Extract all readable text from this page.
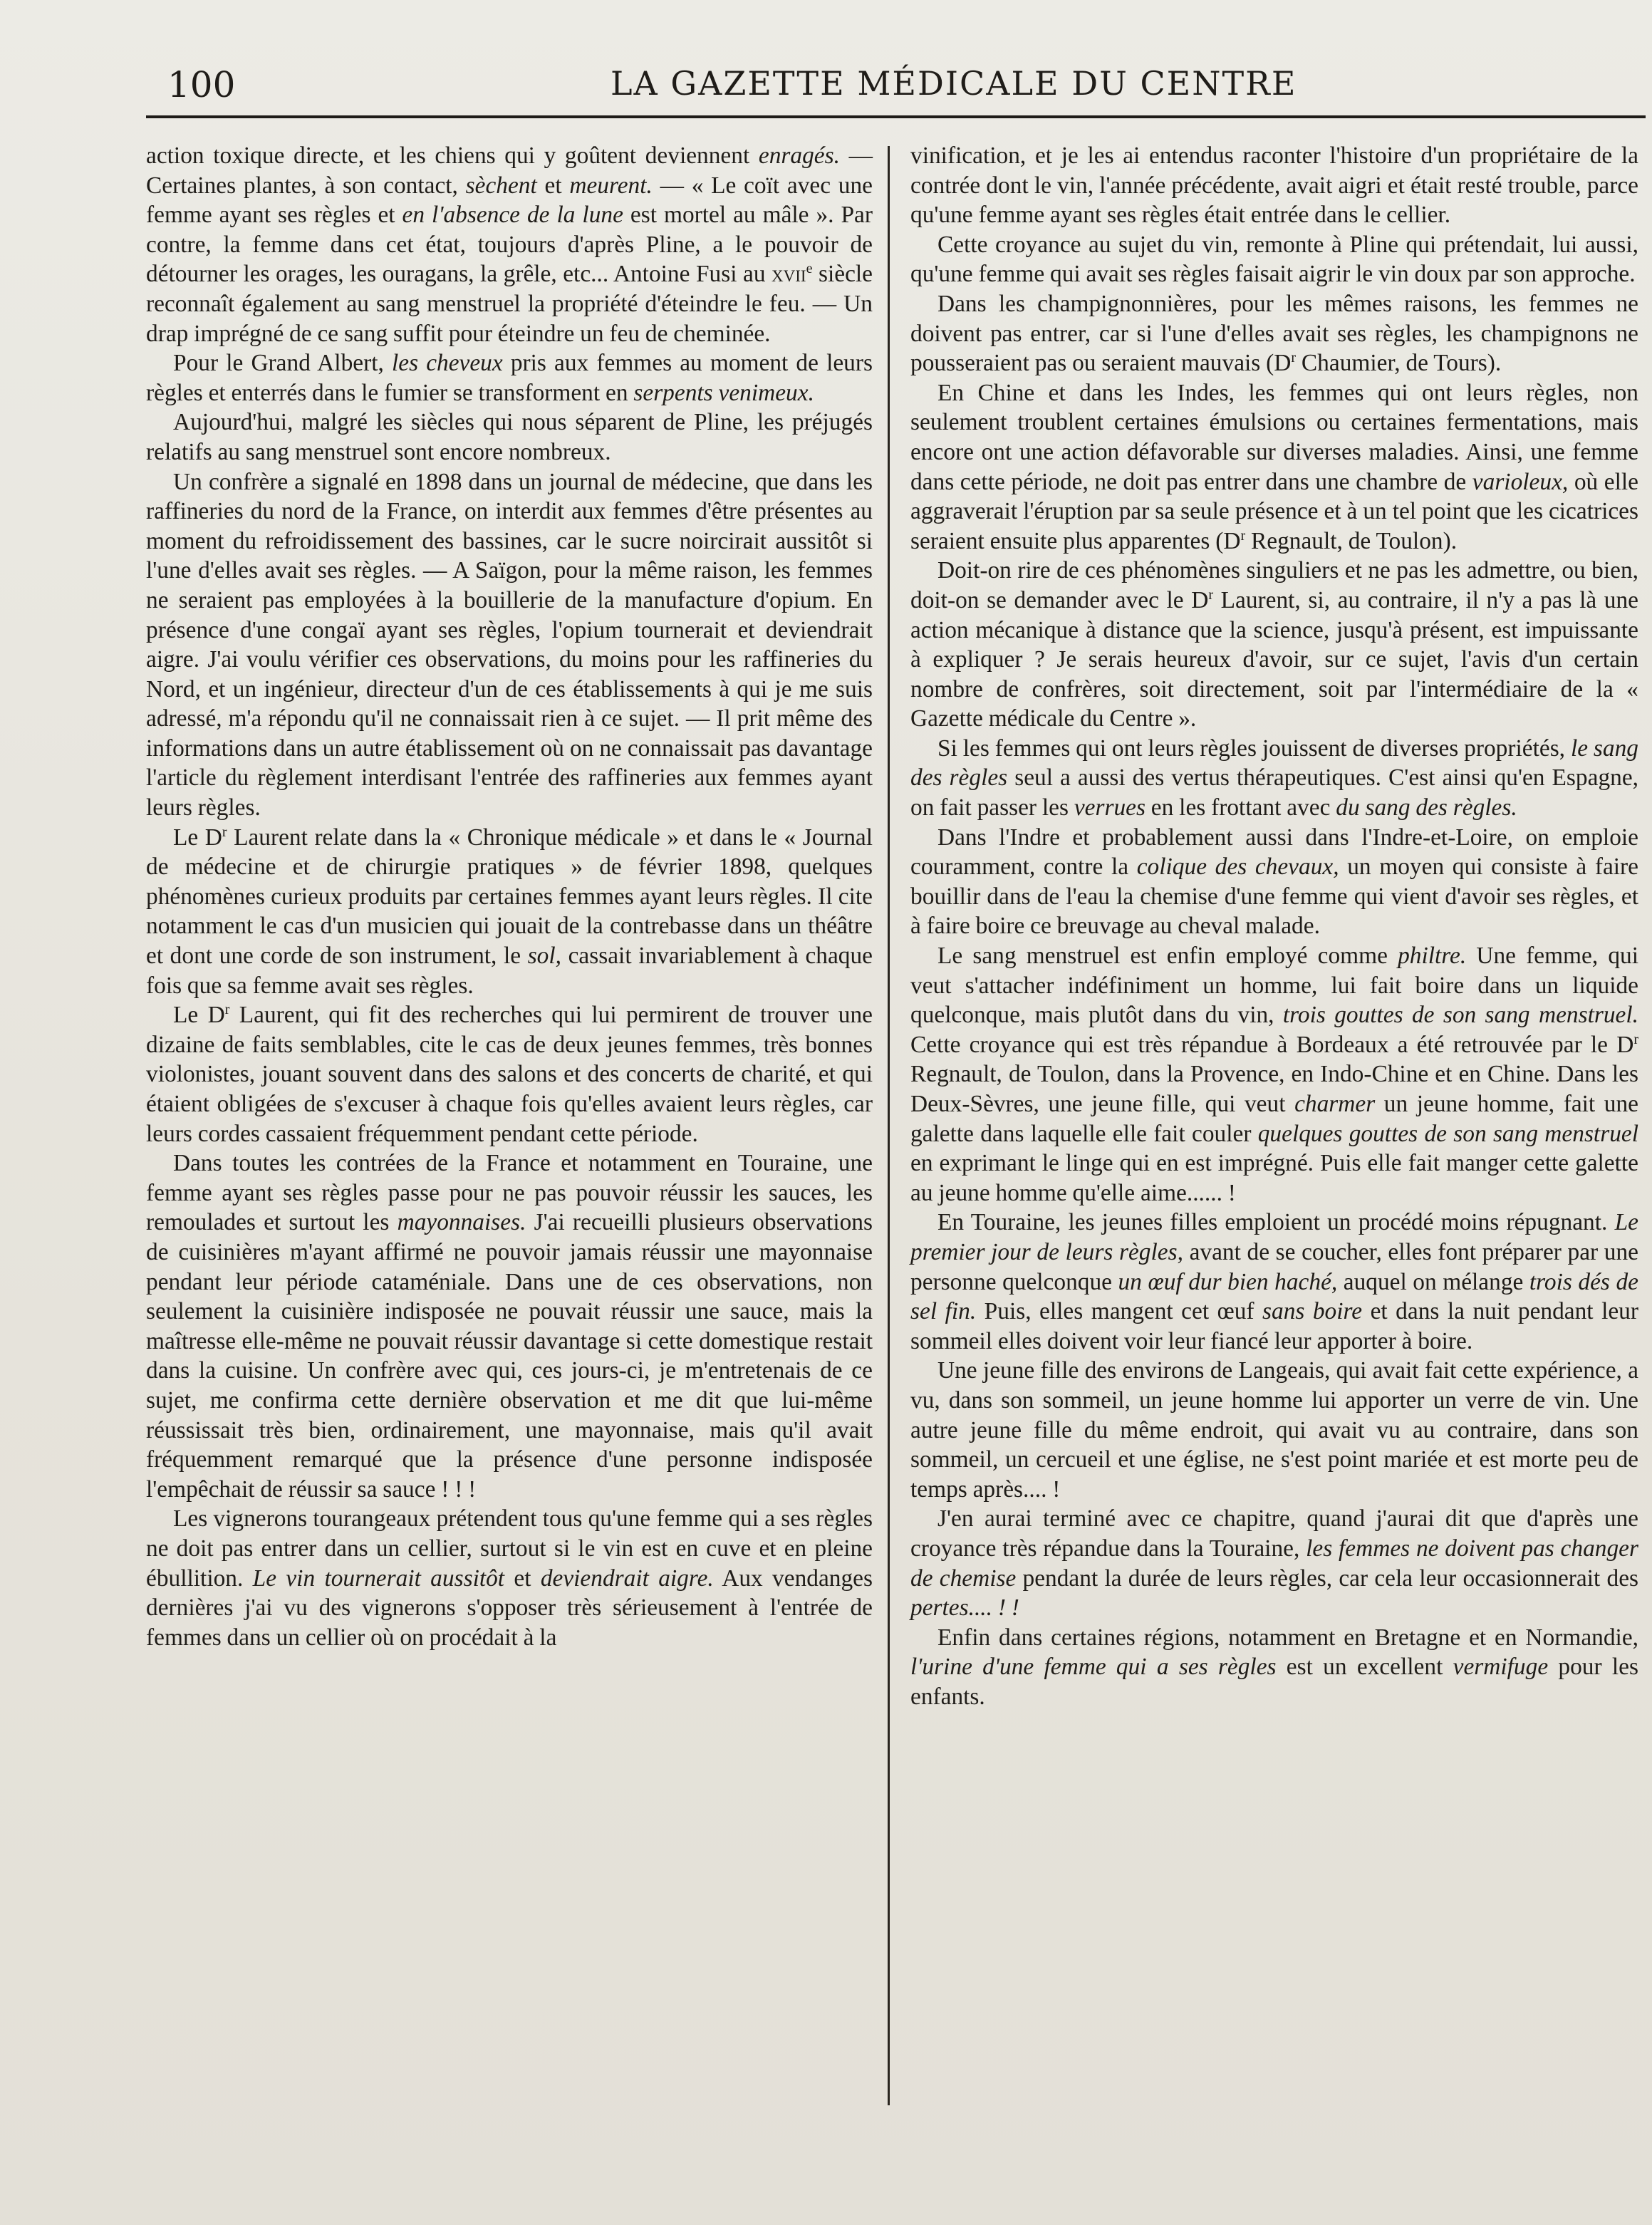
100	LA GAZETTE MÉDICALE DU CENTRE

action toxique directe, et les chiens qui y goûtent deviennent enragés. — Certaines plantes, à son contact, sèchent et meurent. — « Le coït avec une femme ayant ses règles et en l'absence de la lune est mortel au mâle ». Par contre, la femme dans cet état, toujours d'après Pline, a le pouvoir de détourner les orages, les ouragans, la grêle, etc... Antoine Fusi au xvii$^e$ siècle reconnaît également au sang menstruel la propriété d'éteindre le feu. — Un drap imprégné de ce sang suffit pour éteindre un feu de cheminée.

Pour le Grand Albert, les cheveux pris aux femmes au moment de leurs règles et enterrés dans le fumier se transforment en serpents venimeux.

Aujourd'hui, malgré les siècles qui nous séparent de Pline, les préjugés relatifs au sang menstruel sont encore nombreux.

Un confrère a signalé en 1898 dans un journal de médecine, que dans les raffineries du nord de la France, on interdit aux femmes d'être présentes au moment du refroidissement des bassines, car le sucre noircirait aussitôt si l'une d'elles avait ses règles. — A Saïgon, pour la même raison, les femmes ne seraient pas employées à la bouillerie de la manufacture d'opium. En présence d'une congaï ayant ses règles, l'opium tournerait et deviendrait aigre. J'ai voulu vérifier ces observations, du moins pour les raffineries du Nord, et un ingénieur, directeur d'un de ces établissements à qui je me suis adressé, m'a répondu qu'il ne connaissait rien à ce sujet. — Il prit même des informations dans un autre établissement où on ne connaissait pas davantage l'article du règlement interdisant l'entrée des raffineries aux femmes ayant leurs règles.

Le $D^r$ Laurent relate dans la « Chronique médicale » et dans le « Journal de médecine et de chirurgie pratiques » de février 1898, quelques phénomènes curieux produits par certaines femmes ayant leurs règles. Il cite notamment le cas d'un musicien qui jouait de la contrebasse dans un théâtre et dont une corde de son instrument, le sol, cassait invariablement à chaque fois que sa femme avait ses règles.

Le $D^r$ Laurent, qui fit des recherches qui lui permirent de trouver une dizaine de faits semblables, cite le cas de deux jeunes femmes, très bonnes violonistes, jouant souvent dans des salons et des concerts de charité, et qui étaient obligées de s'excuser à chaque fois qu'elles avaient leurs règles, car leurs cordes cassaient fréquemment pendant cette période.

Dans toutes les contrées de la France et notamment en Touraine, une femme ayant ses règles passe pour ne pas pouvoir réussir les sauces, les remoulades et surtout les mayonnaises. J'ai recueilli plusieurs observations de cuisinières m'ayant affirmé ne pouvoir jamais réussir une mayonnaise pendant leur période cataméniale. Dans une de ces observations, non seulement la cuisinière indisposée ne pouvait réussir une sauce, mais la maîtresse elle-même ne pouvait réussir davantage si cette domestique restait dans la cuisine. Un confrère avec qui, ces jours-ci, je m'entretenais de ce sujet, me confirma cette dernière observation et me dit que lui-même réussissait très bien, ordinairement, une mayonnaise, mais qu'il avait fréquemment remarqué que la présence d'une personne indisposée l'empêchait de réussir sa sauce ! ! !

Les vignerons tourangeaux prétendent tous qu'une femme qui a ses règles ne doit pas entrer dans un cellier, surtout si le vin est en cuve et en pleine ébullition. Le vin tournerait aussitôt et deviendrait aigre. Aux vendanges dernières j'ai vu des vignerons s'opposer très sérieusement à l'entrée de femmes dans un cellier où on procédait à la

vinification, et je les ai entendus raconter l'histoire d'un propriétaire de la contrée dont le vin, l'année précédente, avait aigri et était resté trouble, parce qu'une femme ayant ses règles était entrée dans le cellier.

Cette croyance au sujet du vin, remonte à Pline qui prétendait, lui aussi, qu'une femme qui avait ses règles faisait aigrir le vin doux par son approche.

Dans les champignonnières, pour les mêmes raisons, les femmes ne doivent pas entrer, car si l'une d'elles avait ses règles, les champignons ne pousseraient pas ou seraient mauvais ($D^r$ Chaumier, de Tours).

En Chine et dans les Indes, les femmes qui ont leurs règles, non seulement troublent certaines émulsions ou certaines fermentations, mais encore ont une action défavorable sur diverses maladies. Ainsi, une femme dans cette période, ne doit pas entrer dans une chambre de varioleux, où elle aggraverait l'éruption par sa seule présence et à un tel point que les cicatrices seraient ensuite plus apparentes ($D^r$ Regnault, de Toulon).

Doit-on rire de ces phénomènes singuliers et ne pas les admettre, ou bien, doit-on se demander avec le $D^r$ Laurent, si, au contraire, il n'y a pas là une action mécanique à distance que la science, jusqu'à présent, est impuissante à expliquer ? Je serais heureux d'avoir, sur ce sujet, l'avis d'un certain nombre de confrères, soit directement, soit par l'intermédiaire de la « Gazette médicale du Centre ».

Si les femmes qui ont leurs règles jouissent de diverses propriétés, le sang des règles seul a aussi des vertus thérapeutiques. C'est ainsi qu'en Espagne, on fait passer les verrues en les frottant avec du sang des règles.

Dans l'Indre et probablement aussi dans l'Indre-et-Loire, on emploie couramment, contre la colique des chevaux, un moyen qui consiste à faire bouillir dans de l'eau la chemise d'une femme qui vient d'avoir ses règles, et à faire boire ce breuvage au cheval malade.

Le sang menstruel est enfin employé comme philtre. Une femme, qui veut s'attacher indéfiniment un homme, lui fait boire dans un liquide quelconque, mais plutôt dans du vin, trois gouttes de son sang menstruel. Cette croyance qui est très répandue à Bordeaux a été retrouvée par le $D^r$ Regnault, de Toulon, dans la Provence, en Indo-Chine et en Chine. Dans les Deux-Sèvres, une jeune fille, qui veut charmer un jeune homme, fait une galette dans laquelle elle fait couler quelques gouttes de son sang menstruel en exprimant le linge qui en est imprégné. Puis elle fait manger cette galette au jeune homme qu'elle aime...... !

En Touraine, les jeunes filles emploient un procédé moins répugnant. Le premier jour de leurs règles, avant de se coucher, elles font préparer par une personne quelconque un œuf dur bien haché, auquel on mélange trois dés de sel fin. Puis, elles mangent cet œuf sans boire et dans la nuit pendant leur sommeil elles doivent voir leur fiancé leur apporter à boire.

Une jeune fille des environs de Langeais, qui avait fait cette expérience, a vu, dans son sommeil, un jeune homme lui apporter un verre de vin. Une autre jeune fille du même endroit, qui avait vu au contraire, dans son sommeil, un cercueil et une église, ne s'est point mariée et est morte peu de temps après.... !

J'en aurai terminé avec ce chapitre, quand j'aurai dit que d'après une croyance très répandue dans la Touraine, les femmes ne doivent pas changer de chemise pendant la durée de leurs règles, car cela leur occasionnerait des pertes.... ! !

Enfin dans certaines régions, notamment en Bretagne et en Normandie, l'urine d'une femme qui a ses règles est un excellent vermifuge pour les enfants.
